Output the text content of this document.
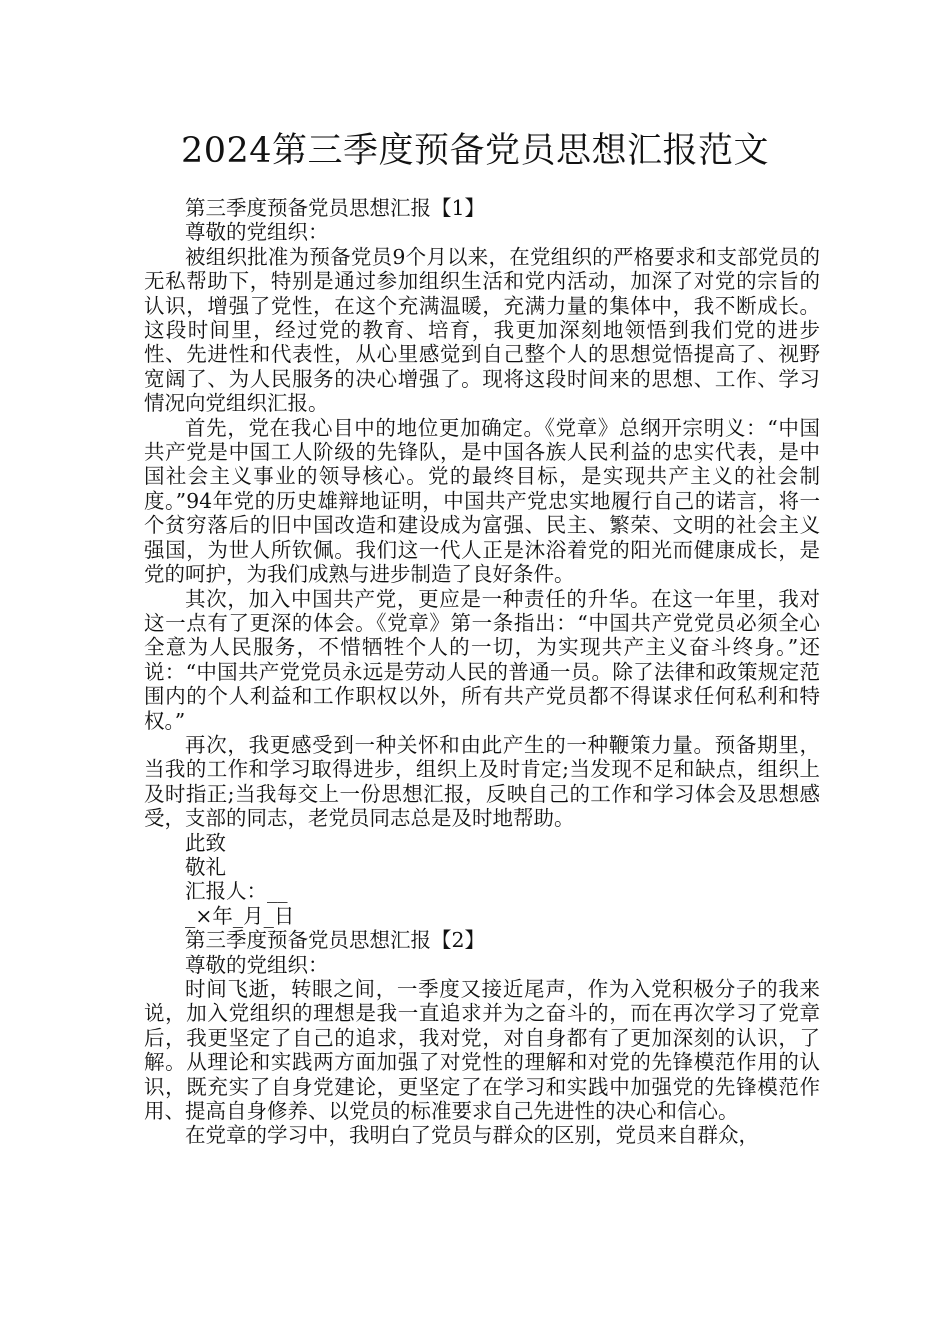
2024第三季度预备党员思想汇报范文

第三季度预备党员思想汇报【1】

尊敬的党组织：

被组织批准为预备党员9个月以来，在党组织的严格要求和支部党员的无私帮助下，特别是通过参加组织生活和党内活动，加深了对党的宗旨的认识，增强了党性，在这个充满温暖，充满力量的集体中，我不断成长。这段时间里，经过党的教育、培育，我更加深刻地领悟到我们党的进步性、先进性和代表性，从心里感觉到自己整个人的思想觉悟提高了、视野宽阔了、为人民服务的决心增强了。现将这段时间来的思想、工作、学习情况向党组织汇报。

首先，党在我心目中的地位更加确定。《党章》总纲开宗明义：“中国共产党是中国工人阶级的先锋队，是中国各族人民利益的忠实代表，是中国社会主义事业的领导核心。党的最终目标，是实现共产主义的社会制度。”94年党的历史雄辩地证明，中国共产党忠实地履行自己的诺言，将一个贫穷落后的旧中国改造和建设成为富强、民主、繁荣、文明的社会主义强国，为世人所钦佩。我们这一代人正是沐浴着党的阳光而健康成长，是党的呵护，为我们成熟与进步制造了良好条件。

其次，加入中国共产党，更应是一种责任的升华。在这一年里，我对这一点有了更深的体会。《党章》第一条指出：“中国共产党党员必须全心全意为人民服务，不惜牺牲个人的一切，为实现共产主义奋斗终身。”还说：“中国共产党党员永远是劳动人民的普通一员。除了法律和政策规定范围内的个人利益和工作职权以外，所有共产党员都不得谋求任何私利和特权。”

再次，我更感受到一种关怀和由此产生的一种鞭策力量。预备期里，当我的工作和学习取得进步，组织上及时肯定;当发现不足和缺点，组织上及时指正;当我每交上一份思想汇报，反映自己的工作和学习体会及思想感受，支部的同志，老党员同志总是及时地帮助。

此致

敬礼

汇报人：__

_×年_月_日

第三季度预备党员思想汇报【2】

尊敬的党组织：

时间飞逝，转眼之间，一季度又接近尾声，作为入党积极分子的我来说，加入党组织的理想是我一直追求并为之奋斗的，而在再次学习了党章后，我更坚定了自己的追求，我对党，对自身都有了更加深刻的认识，了解。从理论和实践两方面加强了对党性的理解和对党的先锋模范作用的认识，既充实了自身党建论，更坚定了在学习和实践中加强党的先锋模范作用、提高自身修养、以党员的标准要求自己先进性的决心和信心。

在党章的学习中，我明白了党员与群众的区别，党员来自群众，
